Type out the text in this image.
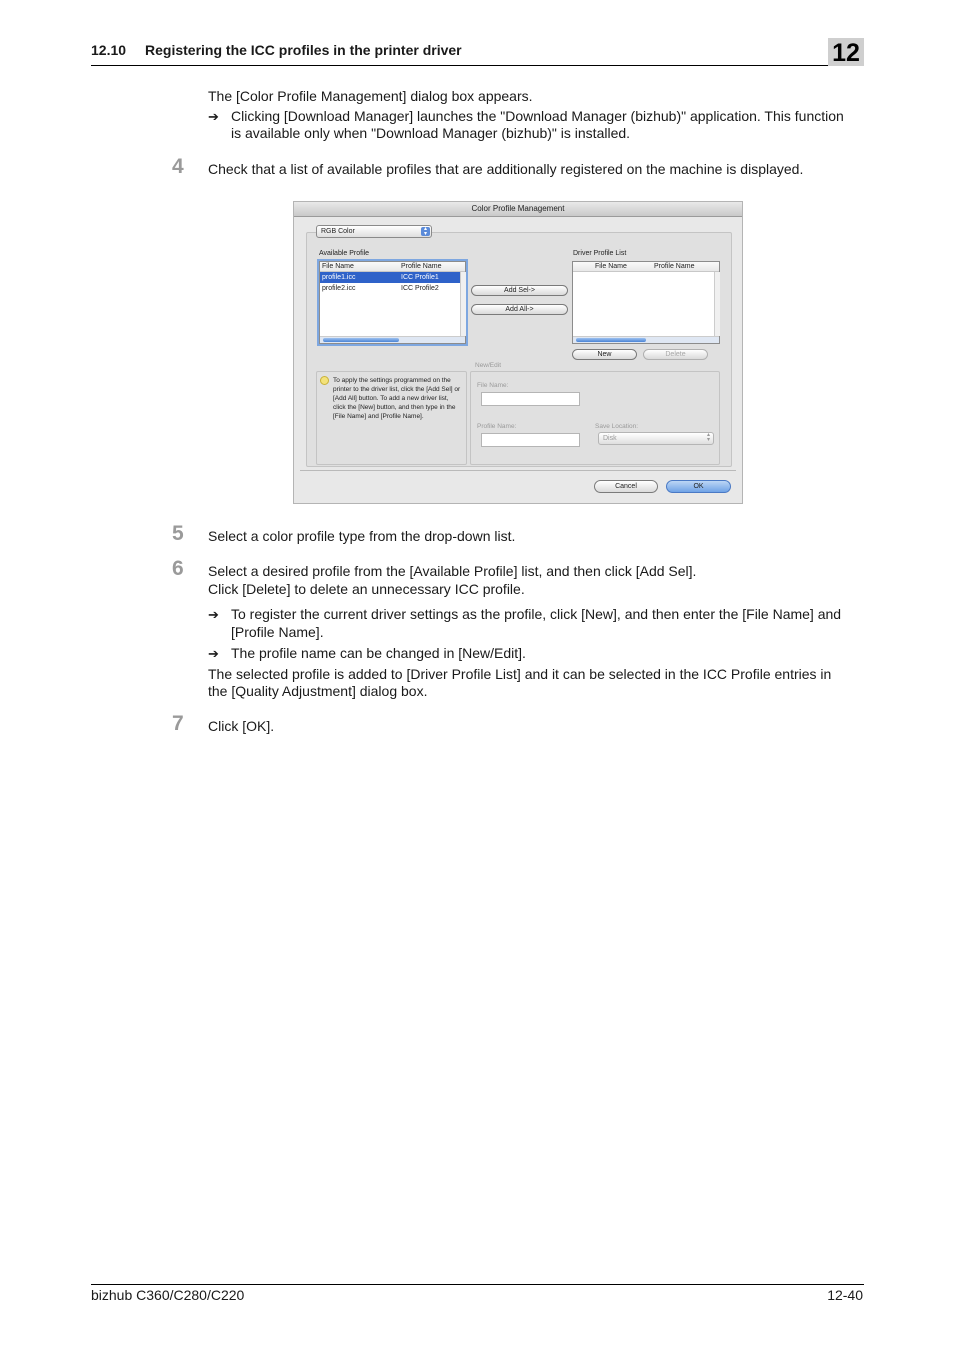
12.10 Registering the ICC profiles in the printer driver	12
The [Color Profile Management] dialog box appears.
➔ Clicking [Download Manager] launches the "Download Manager (bizhub)" application. This function
is available only when "Download Manager (bizhub)" is installed.
4	Check that a list of available profiles that are additionally registered on the machine is displayed.
Color Profile Management
RGB Color	▴
▾
Available Profile
File Name	Profile Name
profile1.icc	ICC Profile1
profile2.icc	ICC Profile2	Add Sel->
Add All->
Driver Profile List
File Name	Profile Name
New	Delete
To apply the settings programmed on the printer to the driver list, click the [Add Sel] or [Add All] button. To add a new driver list, click the [New] button, and then type in the [File Name] and [Profile Name].
New/Edit
File Name:
Profile Name:	Save Location:
Disk	▴
▾
Cancel	OK
5	Select a color profile type from the drop-down list.
6	Select a desired profile from the [Available Profile] list, and then click [Add Sel].
Click [Delete] to delete an unnecessary ICC profile.
➔ To register the current driver settings as the profile, click [New], and then enter the [File Name] and
[Profile Name].
➔ The profile name can be changed in [New/Edit].
The selected profile is added to [Driver Profile List] and it can be selected in the ICC Profile entries in
the [Quality Adjustment] dialog box.
7	Click [OK].
bizhub C360/C280/C220	12-40
